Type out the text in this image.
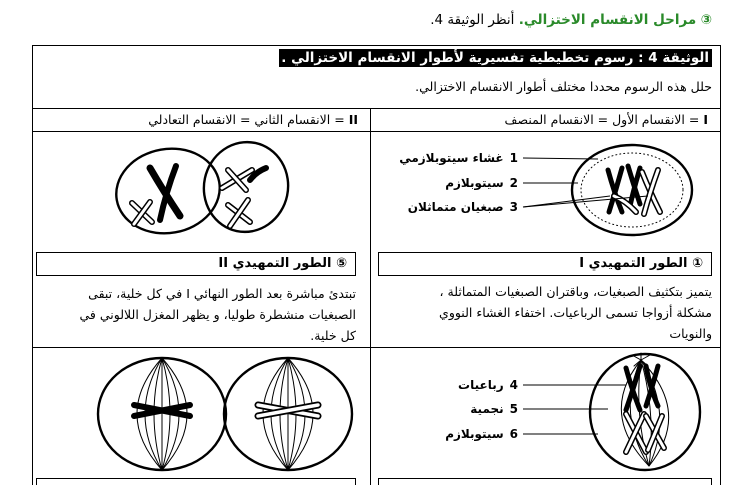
③ مراحل الانقسام الاختزالي. أنظر الوثيقة 4.
الوثيقة 4 : رسوم تخطيطية تفسيرية لأطوار الانقسام الاختزالي .
حلل هذه الرسوم محددا مختلف أطوار الانقسام الاختزالي.
I = الانقسام الأول = الانقسام المنصف
II = الانقسام الثاني = الانقسام التعادلي
1غشاء سيتوبلازمي
2سيتوبلازم
3صبغيان متماثلان
① الطور التمهيدي I
⑤ الطور التمهيدي II
يتميز بتكثيف الصبغيات، وباقتران الصبغيات المتماثلة ،
مشكلة أزواجا تسمى الرباعيات. اختفاء الغشاء النووي
والنويات
تبتدئ مباشرة بعد الطور النهائي I في كل خلية، تبقى
الصبغيات منشطرة طوليا، و يظهر المغزل اللالوني في
كل خلية.
4رباعيات
5نجمية
6سيتوبلازم
